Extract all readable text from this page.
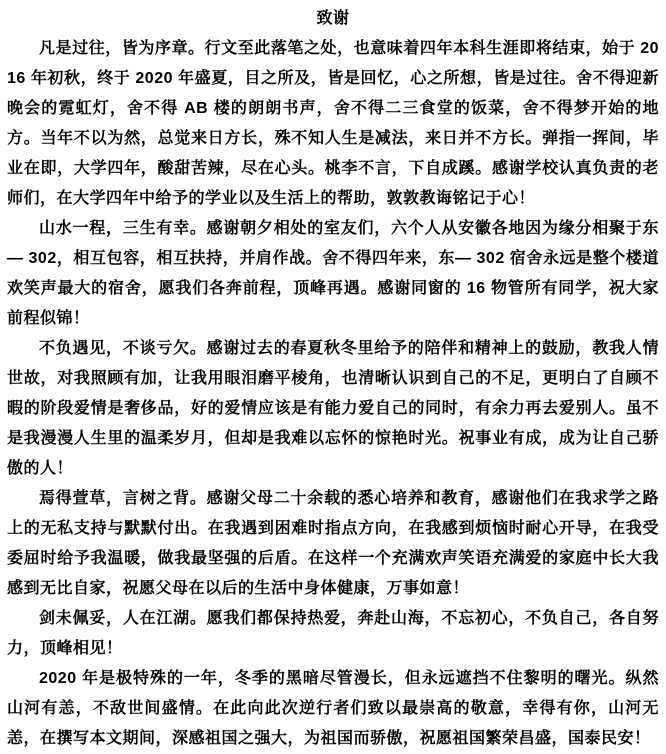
致谢

凡是过往，皆为序章。行文至此落笔之处，也意味着四年本科生涯即将结束，始于 2016 年初秋，终于 2020 年盛夏，目之所及，皆是回忆，心之所想，皆是过往。舍不得迎新晚会的霓虹灯，舍不得 AB 楼的朗朗书声，舍不得二三食堂的饭菜，舍不得梦开始的地方。当年不以为然，总觉来日方长，殊不知人生是减法，来日并不方长。弹指一挥间，毕业在即，大学四年，酸甜苦辣，尽在心头。桃李不言，下自成蹊。感谢学校认真负责的老师们，在大学四年中给予的学业以及生活上的帮助，敦敦教诲铭记于心！

山水一程，三生有幸。感谢朝夕相处的室友们，六个人从安徽各地因为缘分相聚于东— 302，相互包容，相互扶持，并肩作战。舍不得四年来，东— 302 宿舍永远是整个楼道欢笑声最大的宿舍，愿我们各奔前程，顶峰再遇。感谢同窗的 16 物管所有同学，祝大家前程似锦！

不负遇见，不谈亏欠。感谢过去的春夏秋冬里给予的陪伴和精神上的鼓励，教我人情世故，对我照顾有加，让我用眼泪磨平棱角，也清晰认识到自己的不足，更明白了自顾不暇的阶段爱情是奢侈品，好的爱情应该是有能力爱自己的同时，有余力再去爱别人。虽不是我漫漫人生里的温柔岁月，但却是我难以忘怀的惊艳时光。祝事业有成，成为让自己骄傲的人！

焉得萱草，言树之背。感谢父母二十余载的悉心培养和教育，感谢他们在我求学之路上的无私支持与默默付出。在我遇到困难时指点方向，在我感到烦恼时耐心开导，在我受委屈时给予我温暖，做我最坚强的后盾。在这样一个充满欢声笑语充满爱的家庭中长大我感到无比自家，祝愿父母在以后的生活中身体健康，万事如意！

剑未佩妥，人在江湖。愿我们都保持热爱，奔赴山海，不忘初心，不负自己，各自努力，顶峰相见！

2020 年是极特殊的一年，冬季的黑暗尽管漫长，但永远遮挡不住黎明的曙光。纵然山河有恙，不敌世间盛情。在此向此次逆行者们致以最崇高的敬意，幸得有你，山河无恙，在撰写本文期间，深感祖国之强大，为祖国而骄傲，祝愿祖国繁荣昌盛，国泰民安！
